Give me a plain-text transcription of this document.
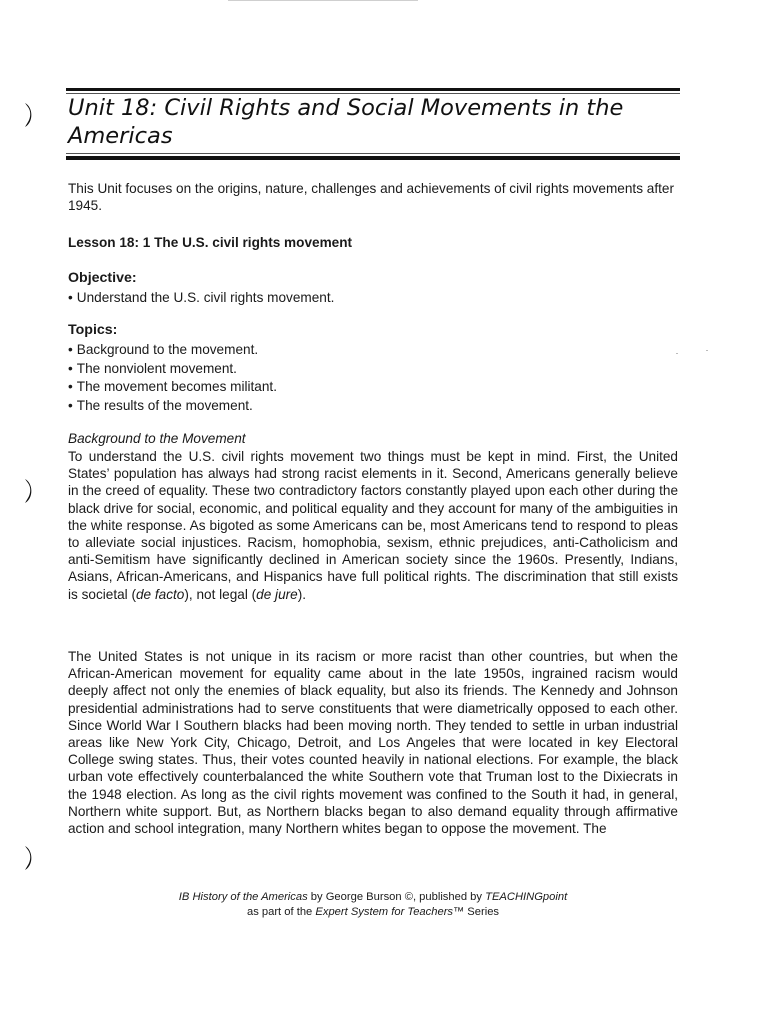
Unit 18: Civil Rights and Social Movements in the Americas

This Unit focuses on the origins, nature, challenges and achievements of civil rights movements after 1945.

Lesson 18: 1 The U.S. civil rights movement

Objective:

• Understand the U.S. civil rights movement.

Topics:

• Background to the movement.
• The nonviolent movement.
• The movement becomes militant.
• The results of the movement.

Background to the Movement

To understand the U.S. civil rights movement two things must be kept in mind. First, the United States’ population has always had strong racist elements in it. Second, Americans generally believe in the creed of equality. These two contradictory factors constantly played upon each other during the black drive for social, economic, and political equality and they account for many of the ambiguities in the white response. As bigoted as some Americans can be, most Americans tend to respond to pleas to alleviate social injustices. Racism, homophobia, sexism, ethnic prejudices, anti-Catholicism and anti-Semitism have significantly declined in American society since the 1960s. Presently, Indians, Asians, African-Americans, and Hispanics have full political rights. The discrimination that still exists is societal (de facto), not legal (de jure).

The United States is not unique in its racism or more racist than other countries, but when the African-American movement for equality came about in the late 1950s, ingrained racism would deeply affect not only the enemies of black equality, but also its friends. The Kennedy and Johnson presidential administrations had to serve constituents that were diametrically opposed to each other. Since World War I Southern blacks had been moving north. They tended to settle in urban industrial areas like New York City, Chicago, Detroit, and Los Angeles that were located in key Electoral College swing states. Thus, their votes counted heavily in national elections. For example, the black urban vote effectively counterbalanced the white Southern vote that Truman lost to the Dixiecrats in the 1948 election. As long as the civil rights movement was confined to the South it had, in general, Northern white support. But, as Northern blacks began to also demand equality through affirmative action and school integration, many Northern whites began to oppose the movement. The

IB History of the Americas by George Burson ©, published by TEACHINGpoint
as part of the Expert System for Teachers™ Series
